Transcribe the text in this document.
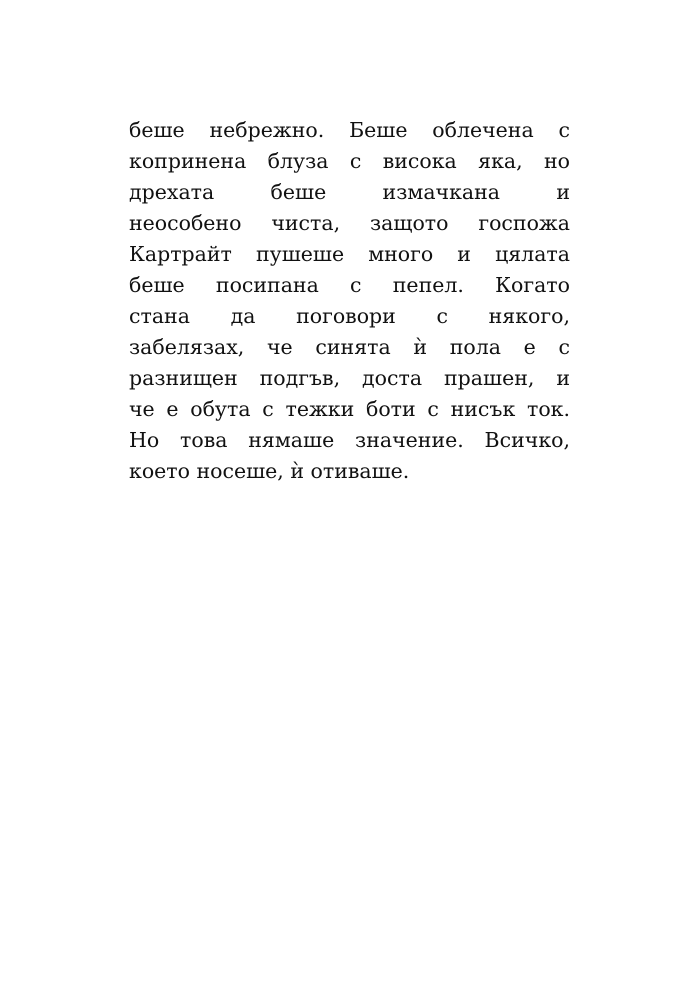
беше небрежно. Беше облечена с
копринена блуза с висока яка, но
дрехата беше измачкана и
неособено чиста, защото госпожа
Картрайт пушеше много и цялата
беше посипана с пепел. Когато
стана да поговори с някого,
забелязах, че синята ѝ пола е с
разнищен подгъв, доста прашен, и
че е обута с тежки боти с нисък ток.
Но това нямаше значение. Всичко,
което носеше, ѝ отиваше.
